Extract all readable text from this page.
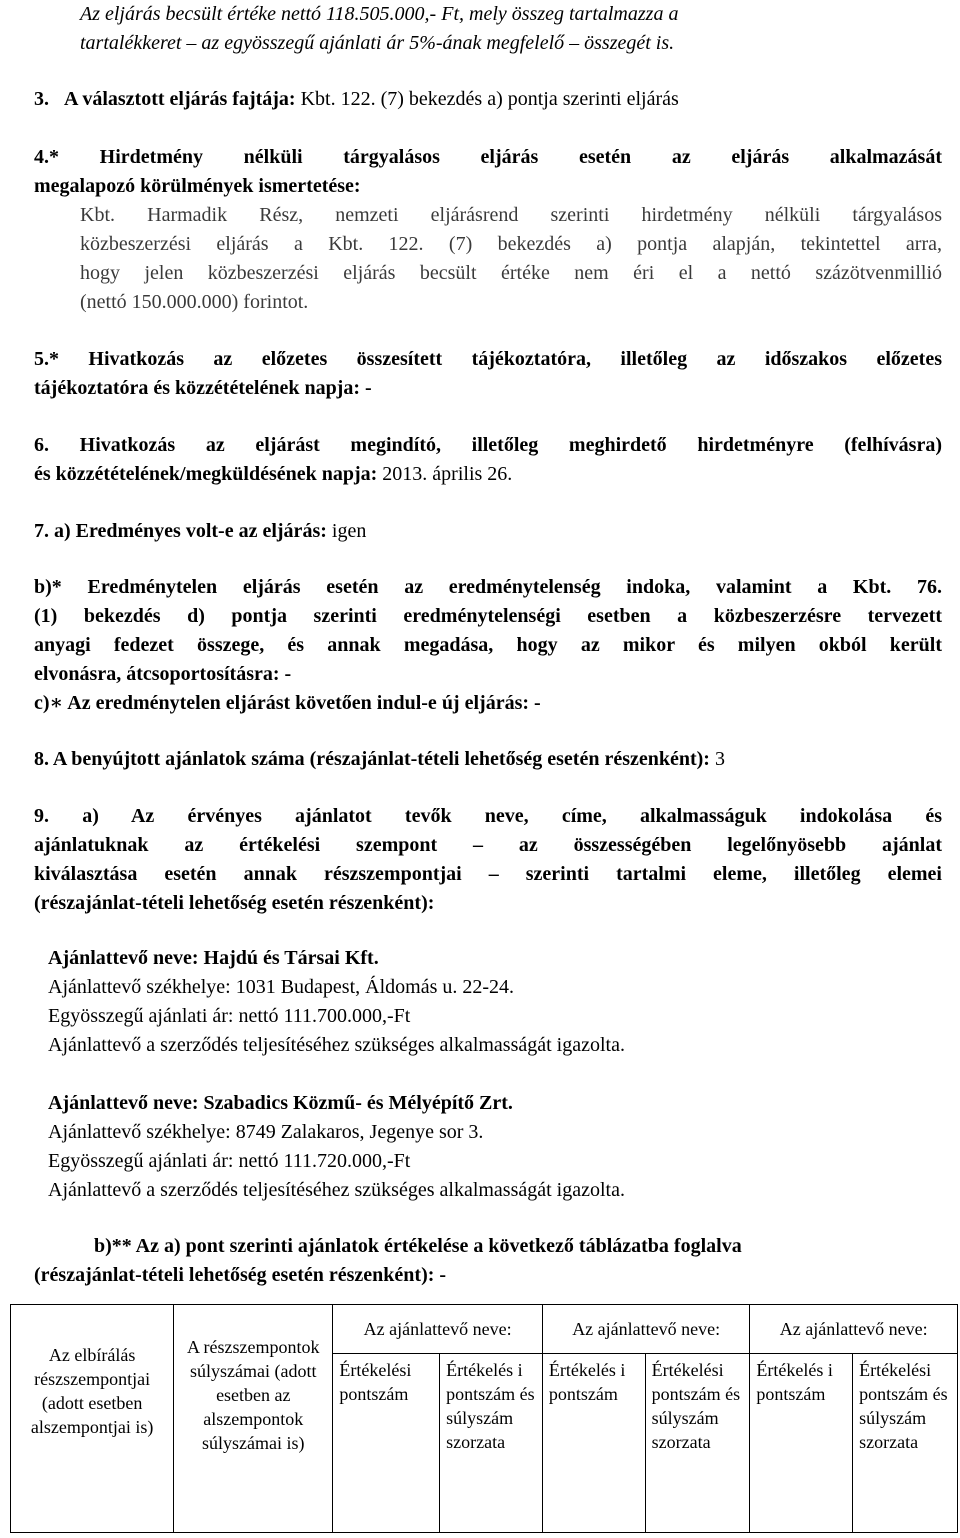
Az eljárás becsült értéke nettó 118.505.000,- Ft, mely összeg tartalmazza a
tartalékkeret – az egyösszegű ajánlati ár 5%-ának megfelelő – összegét is.
3. A választott eljárás fajtája: Kbt. 122. (7) bekezdés a) pontja szerinti eljárás
4.* Hirdetmény nélküli tárgyalásos eljárás esetén az eljárás alkalmazását
megalapozó körülmények ismertetése:
Kbt. Harmadik Rész, nemzeti eljárásrend szerinti hirdetmény nélküli tárgyalásos
közbeszerzési eljárás a Kbt. 122. (7) bekezdés a) pontja alapján, tekintettel arra,
hogy jelen közbeszerzési eljárás becsült értéke nem éri el a nettó százötvenmillió
(nettó 150.000.000) forintot.
5.* Hivatkozás az előzetes összesített tájékoztatóra, illetőleg az időszakos előzetes
tájékoztatóra és közzétételének napja: -
6. Hivatkozás az eljárást megindító, illetőleg meghirdető hirdetményre (felhívásra)
és közzétételének/megküldésének napja: 2013. április 26.
7. a) Eredményes volt-e az eljárás: igen
b)* Eredménytelen eljárás esetén az eredménytelenség indoka, valamint a Kbt. 76.
(1) bekezdés d) pontja szerinti eredménytelenségi esetben a közbeszerzésre tervezett
anyagi fedezet összege, és annak megadása, hogy az mikor és milyen okból került
elvonásra, átcsoportosításra: -
c)∗ Az eredménytelen eljárást követően indul-e új eljárás: -
8. A benyújtott ajánlatok száma (részajánlat-tételi lehetőség esetén részenként): 3
9. a) Az érvényes ajánlatot tevők neve, címe, alkalmasságuk indokolása és
ajánlatuknak az értékelési szempont – az összességében legelőnyösebb ajánlat
kiválasztása esetén annak részszempontjai – szerinti tartalmi eleme, illetőleg elemei
(részajánlat-tételi lehetőség esetén részenként):
Ajánlattevő neve: Hajdú és Társai Kft.
Ajánlattevő székhelye: 1031 Budapest, Áldomás u. 22-24.
Egyösszegű ajánlati ár: nettó 111.700.000,-Ft
Ajánlattevő a szerződés teljesítéséhez szükséges alkalmasságát igazolta.
Ajánlattevő neve: Szabadics Közmű- és Mélyépítő Zrt.
Ajánlattevő székhelye: 8749 Zalakaros, Jegenye sor 3.
Egyösszegű ajánlati ár: nettó 111.720.000,-Ft
Ajánlattevő a szerződés teljesítéséhez szükséges alkalmasságát igazolta.
b)** Az a) pont szerinti ajánlatok értékelése a következő táblázatba foglalva
(részajánlat-tételi lehetőség esetén részenként): -
Az elbírálás részszempontjai (adott esetben alszempontjai is)	A részszempontok súlyszámai (adott esetben az alszempontok súlyszámai is)	Az ajánlattevő neve:		Az ajánlattevő neve:		Az ajánlattevő neve:	
		Értékelési pontszám	Értékelés i pontszám és súlyszám szorzata	Értékelés i pontszám	Értékelési pontszám és súlyszám szorzata	Értékelés i pontszám	Értékelési pontszám és súlyszám szorzata
